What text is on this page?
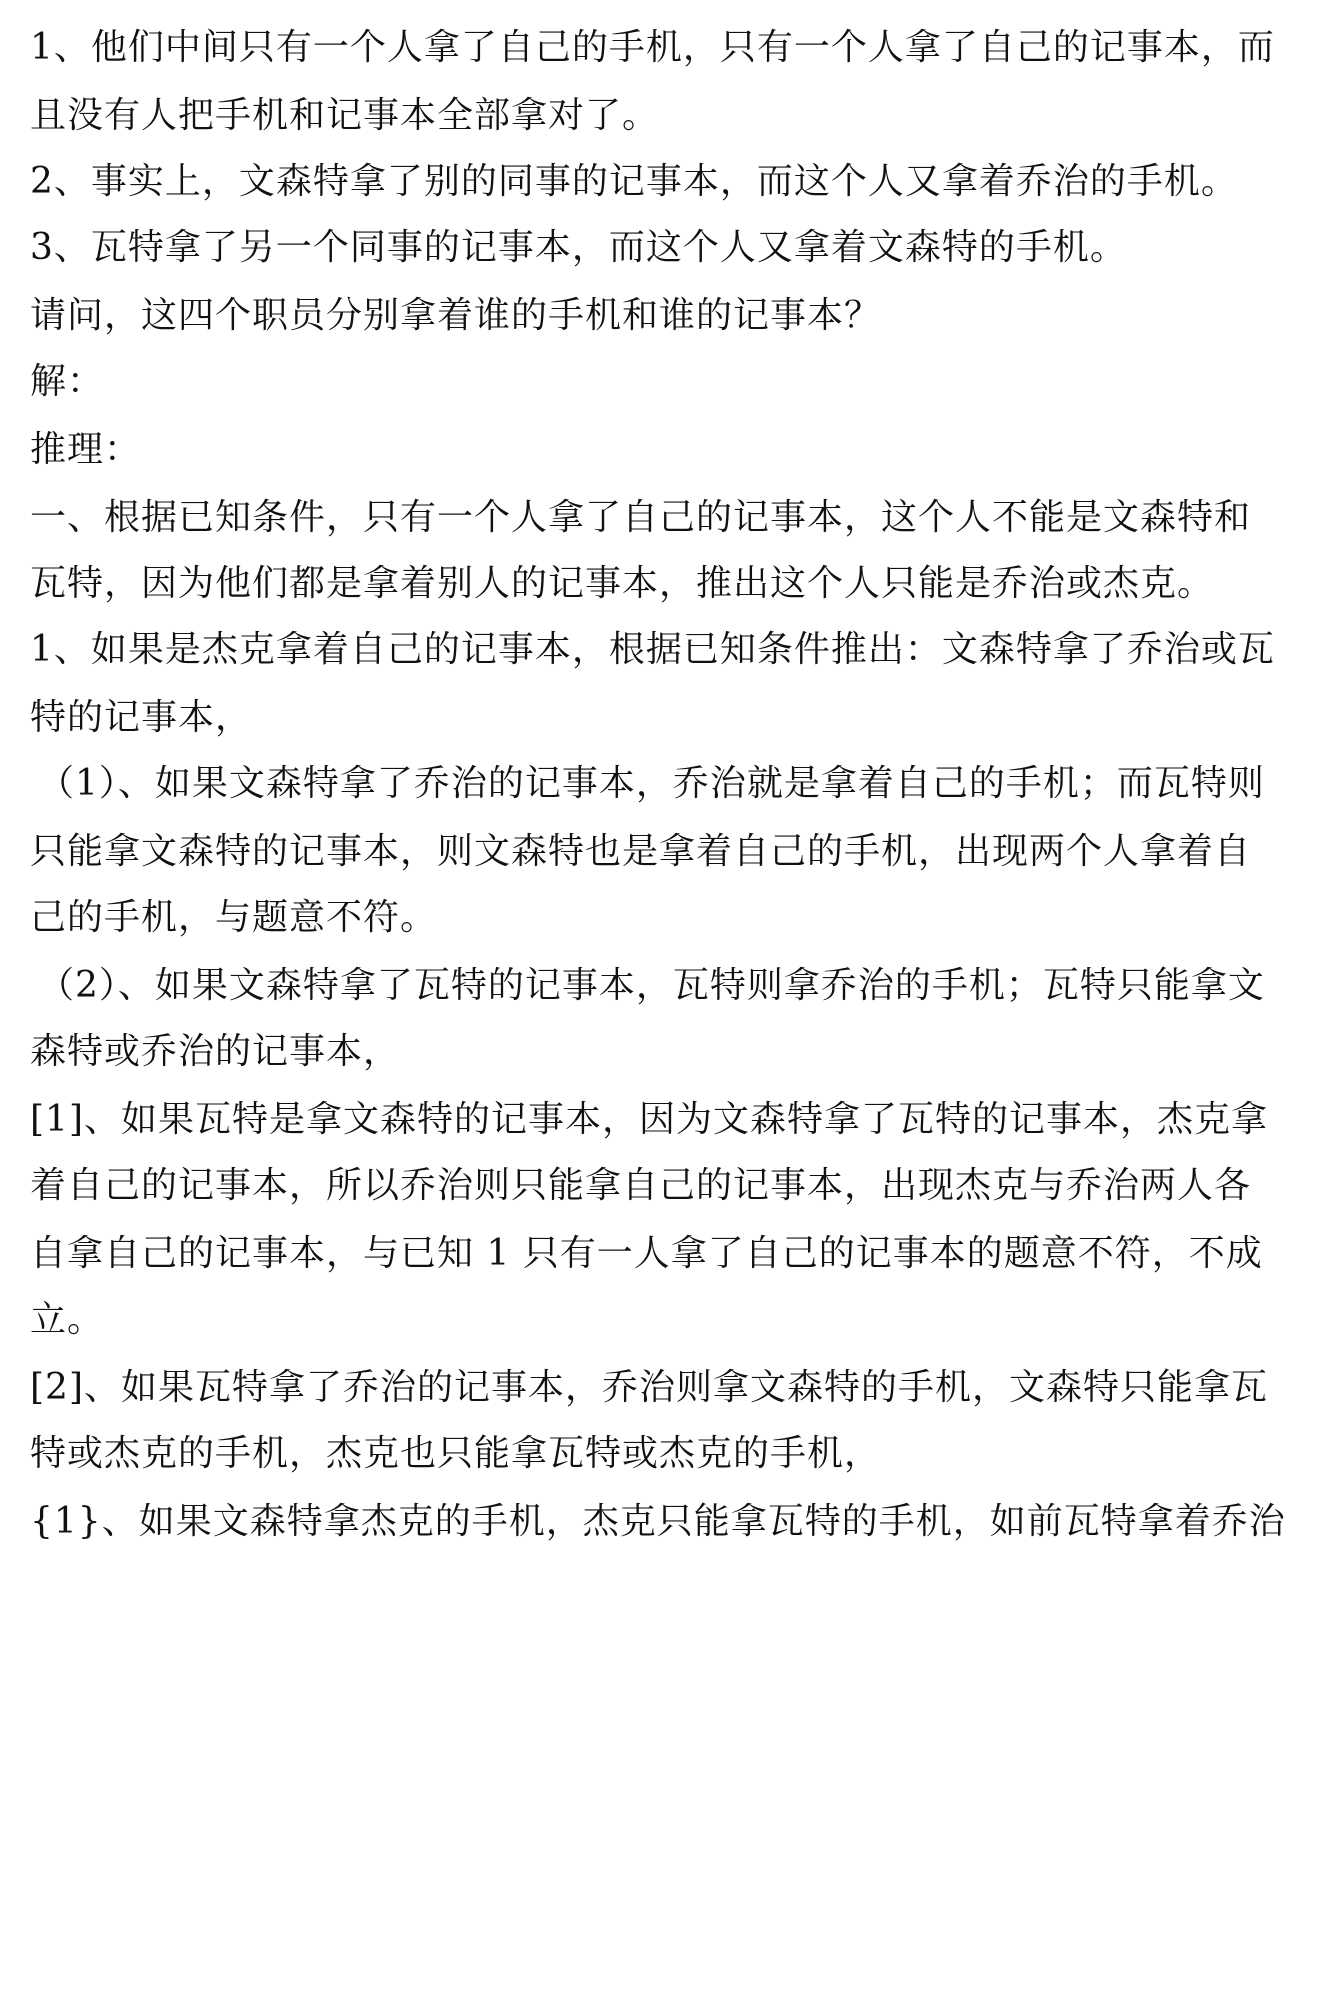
1、他们中间只有一个人拿了自己的手机，只有一个人拿了自己的记事本，而
且没有人把手机和记事本全部拿对了。
2、事实上，文森特拿了别的同事的记事本，而这个人又拿着乔治的手机。
3、瓦特拿了另一个同事的记事本，而这个人又拿着文森特的手机。
请问，这四个职员分别拿着谁的手机和谁的记事本？
解：
推理：
一、根据已知条件，只有一个人拿了自己的记事本，这个人不能是文森特和
瓦特，因为他们都是拿着别人的记事本，推出这个人只能是乔治或杰克。
1、如果是杰克拿着自己的记事本，根据已知条件推出：文森特拿了乔治或瓦
特的记事本，
（1）、如果文森特拿了乔治的记事本，乔治就是拿着自己的手机；而瓦特则
只能拿文森特的记事本，则文森特也是拿着自己的手机，出现两个人拿着自
己的手机，与题意不符。
（2）、如果文森特拿了瓦特的记事本，瓦特则拿乔治的手机；瓦特只能拿文
森特或乔治的记事本，
[1]、如果瓦特是拿文森特的记事本，因为文森特拿了瓦特的记事本，杰克拿
着自己的记事本，所以乔治则只能拿自己的记事本，出现杰克与乔治两人各
自拿自己的记事本，与已知 1 只有一人拿了自己的记事本的题意不符，不成
立。
[2]、如果瓦特拿了乔治的记事本，乔治则拿文森特的手机，文森特只能拿瓦
特或杰克的手机，杰克也只能拿瓦特或杰克的手机，
{1}、如果文森特拿杰克的手机，杰克只能拿瓦特的手机，如前瓦特拿着乔治
